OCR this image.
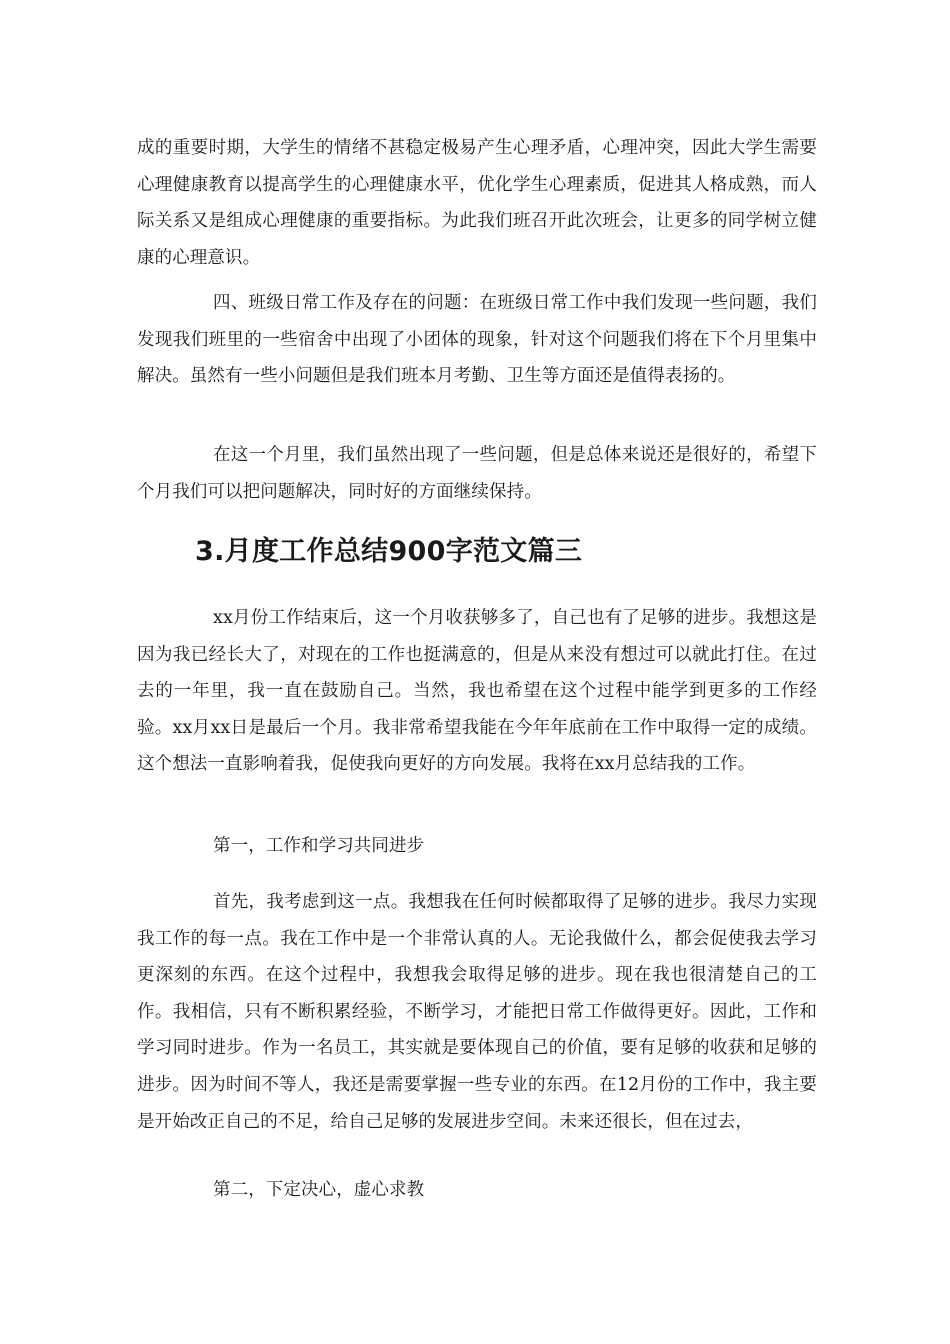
成的重要时期，大学生的情绪不甚稳定极易产生心理矛盾，心理冲突，因此大学生需要心理健康教育以提高学生的心理健康水平，优化学生心理素质，促进其人格成熟，而人际关系又是组成心理健康的重要指标。为此我们班召开此次班会，让更多的同学树立健康的心理意识。

四、班级日常工作及存在的问题：在班级日常工作中我们发现一些问题，我们发现我们班里的一些宿舍中出现了小团体的现象，针对这个问题我们将在下个月里集中解决。虽然有一些小问题但是我们班本月考勤、卫生等方面还是值得表扬的。

在这一个月里，我们虽然出现了一些问题，但是总体来说还是很好的，希望下个月我们可以把问题解决，同时好的方面继续保持。

3.月度工作总结900字范文篇三

xx月份工作结束后，这一个月收获够多了，自己也有了足够的进步。我想这是因为我已经长大了，对现在的工作也挺满意的，但是从来没有想过可以就此打住。在过去的一年里，我一直在鼓励自己。当然，我也希望在这个过程中能学到更多的工作经验。xx月xx日是最后一个月。我非常希望我能在今年年底前在工作中取得一定的成绩。这个想法一直影响着我，促使我向更好的方向发展。我将在xx月总结我的工作。

第一，工作和学习共同进步

首先，我考虑到这一点。我想我在任何时候都取得了足够的进步。我尽力实现我工作的每一点。我在工作中是一个非常认真的人。无论我做什么，都会促使我去学习更深刻的东西。在这个过程中，我想我会取得足够的进步。现在我也很清楚自己的工作。我相信，只有不断积累经验，不断学习，才能把日常工作做得更好。因此，工作和学习同时进步。作为一名员工，其实就是要体现自己的价值，要有足够的收获和足够的进步。因为时间不等人，我还是需要掌握一些专业的东西。在12月份的工作中，我主要是开始改正自己的不足，给自己足够的发展进步空间。未来还很长，但在过去，

第二，下定决心，虚心求教
